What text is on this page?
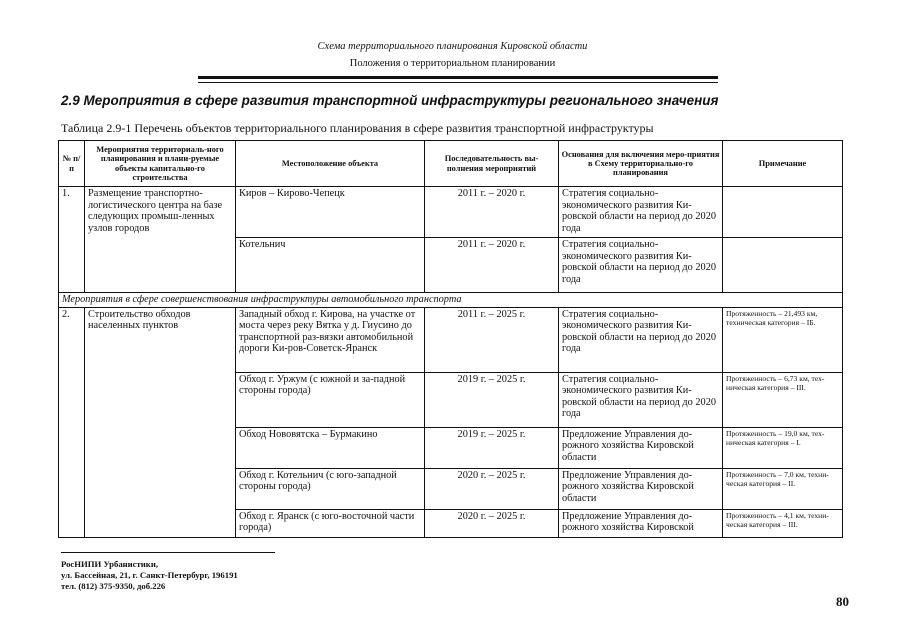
Схема территориального планирования Кировской области
Положения о территориальном планировании
2.9 Мероприятия в сфере развития транспортной инфраструктуры регионального значения
Таблица 2.9-1 Перечень объектов территориального планирования в сфере развития транспортной инфраструктуры
№ п/п	Мероприятия территориаль-ного планирования и плани-руемые объекты капитально-го строительства	Местоположение объекта	Последовательность вы-полнения мероприятий	Основания для включения меро-приятия в Схему территориально-го планирования	Примечание
1.	Размещение транспортно-логистического центра на базе следующих промыш-ленных узлов городов	Киров – Кирово-Чепецк	2011 г. – 2020 г.	Стратегия социально-экономического развития Ки-ровской области на период до 2020 года	
		Котельнич	2011 г. – 2020 г.	Стратегия социально-экономического развития Ки-ровской области на период до 2020 года	
Мероприятия в сфере совершенствования инфраструктуры автомобильного транспорта					
2.	Строительство обходов населенных пунктов	Западный обход г. Кирова, на участке от моста через реку Вятка у д. Гиусино до транспортной раз-вязки автомобильной дороги Ки-ров-Советск-Яранск	2011 г. – 2025 г.	Стратегия социально-экономического развития Ки-ровской области на период до 2020 года	Протяженность – 21,493 км, техническая категория – IБ.
		Обход г. Уржум (с южной и за-падной стороны города)	2019 г. – 2025 г.	Стратегия социально-экономического развития Ки-ровской области на период до 2020 года	Протяженность – 6,73 км, тех-ническая категория – III.
		Обход Нововятска – Бурмакино	2019 г. – 2025 г.	Предложение Управления до-рожного хозяйства Кировской области	Протяженность – 19,0 км, тех-ническая категория – I.
		Обход г. Котельнич (с юго-западной стороны города)	2020 г. – 2025 г.	Предложение Управления до-рожного хозяйства Кировской области	Протяженность – 7,0 км, техни-ческая категория – II.
		Обход г. Яранск (с юго-восточной части города)	2020 г. – 2025 г.	Предложение Управления до-рожного хозяйства Кировской	Протяженность – 4,1 км, техни-ческая категория – III.
РосНИПИ Урбанистики,
ул. Бассейная, 21, г. Санкт-Петербург, 196191
тел. (812) 375-9350, доб.226
80
